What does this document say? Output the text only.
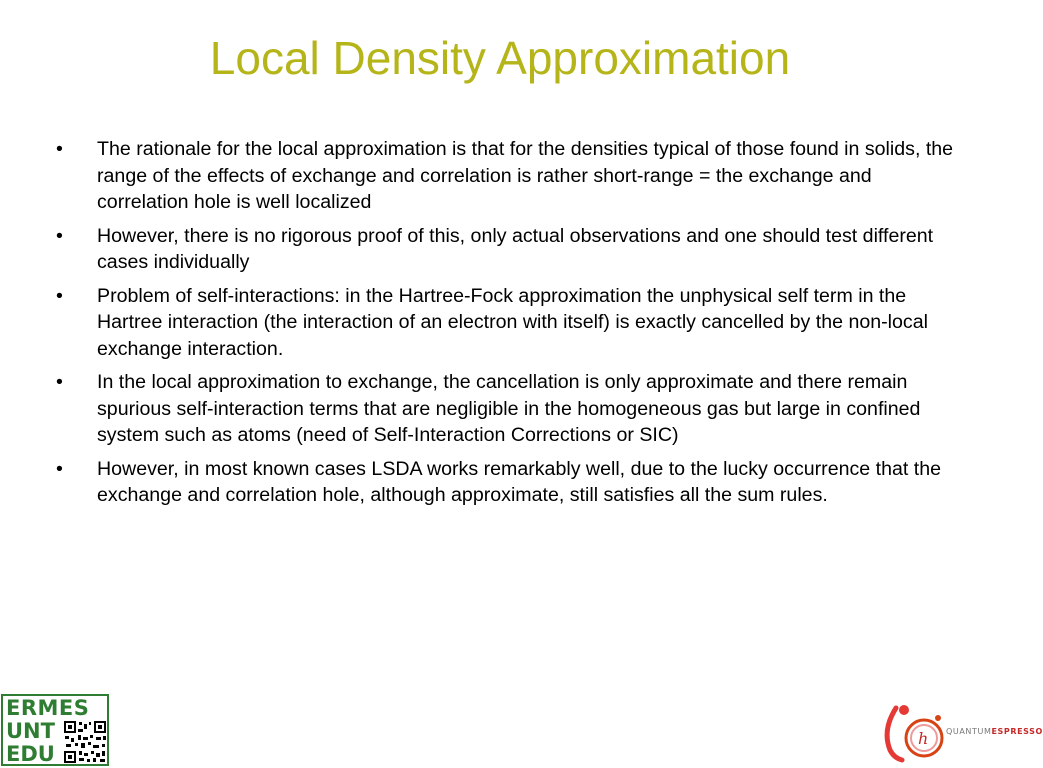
Local Density Approximation
•	The rationale for the local approximation is that for the densities typical of those found in solids, the range of the effects of exchange and correlation is rather short-range = the exchange and correlation hole is well localized
•	However, there is no rigorous proof of this, only actual observations and one should test different cases individually
•	Problem of self-interactions: in the Hartree-Fock approximation the unphysical self term in the Hartree interaction (the interaction of an electron with itself) is exactly cancelled by the non-local exchange interaction.
•	In the local approximation to exchange, the cancellation is only approximate and there remain spurious self-interaction terms that are negligible in the homogeneous gas but large in confined system such as atoms (need of Self-Interaction Corrections or SIC)
•	However, in most known cases LSDA works remarkably well, due to the lucky occurrence that the exchange and correlation hole, although approximate, still satisfies all the sum rules.
ERMES
UNT
EDU
h QUANTUMESPRESSO
